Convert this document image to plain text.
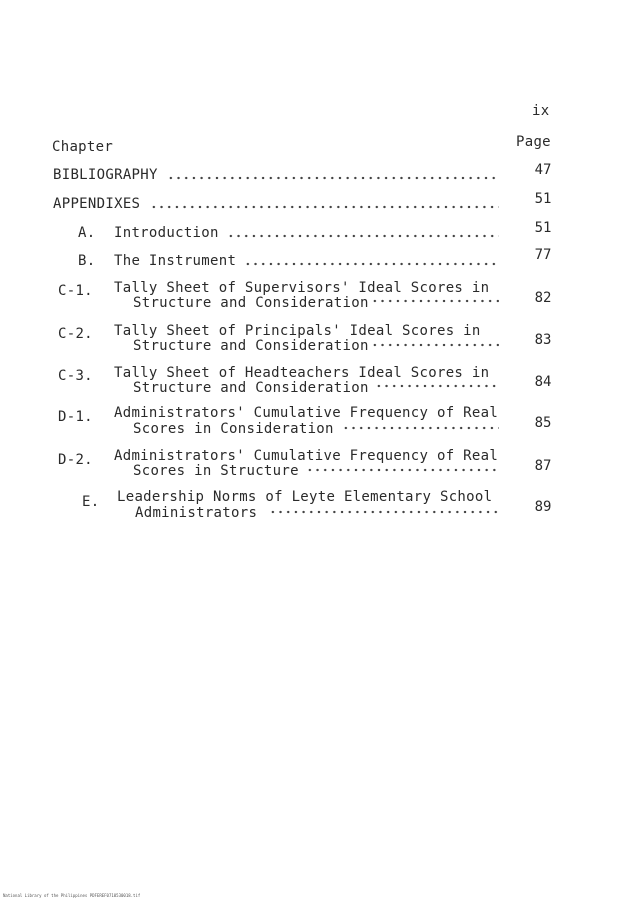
ix
Chapter	Page
BIBLIOGRAPHY	47
APPENDIXES	51
A. Introduction	51
B. The Instrument	77
C-1. Tally Sheet of Supervisors' Ideal Scores in
Structure and Consideration	82
C-2. Tally Sheet of Principals' Ideal Scores in
Structure and Consideration	83
C-3. Tally Sheet of Headteachers Ideal Scores in
Structure and Consideration	84
D-1. Administrators' Cumulative Frequency of Real
Scores in Consideration	85
D-2. Administrators' Cumulative Frequency of Real
Scores in Structure	87
E. Leadership Norms of Leyte Elementary School
Administrators	89
National Library of the Philippines PDFEREF0710530018.tif
